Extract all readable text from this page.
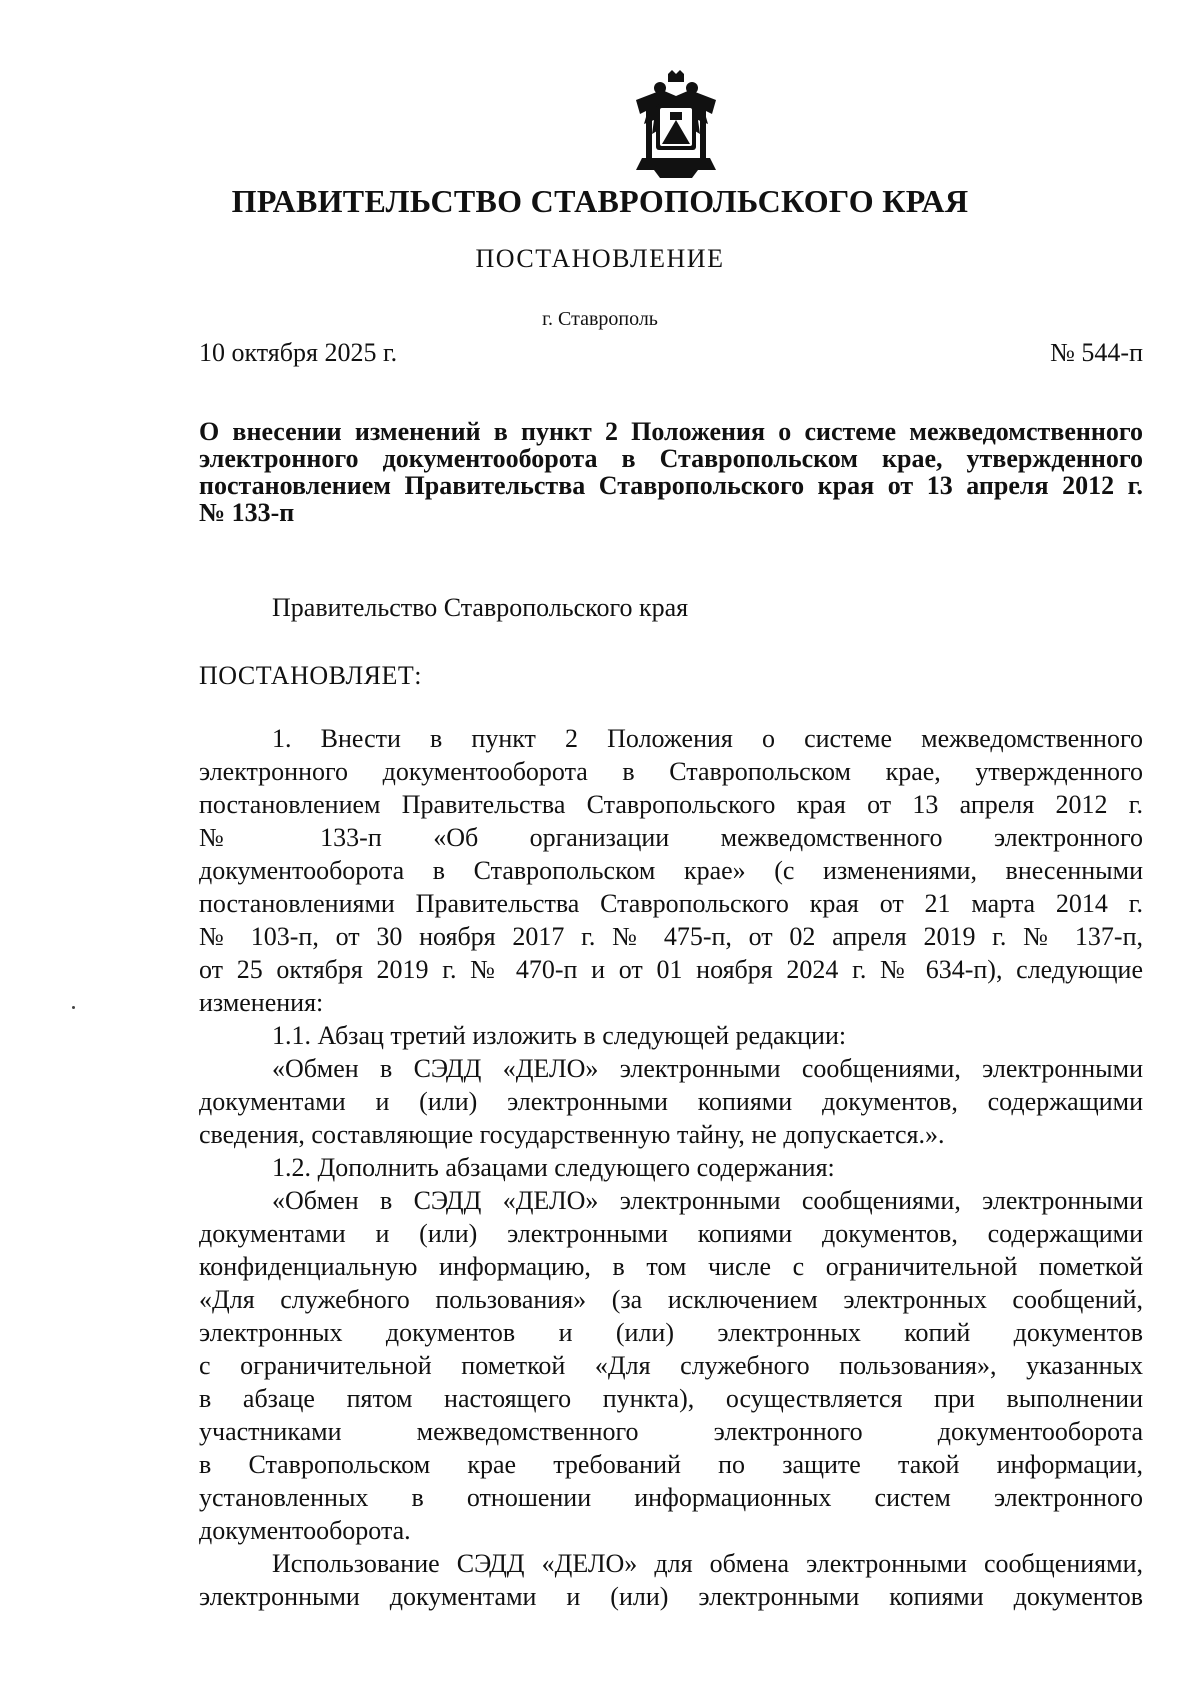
ПРАВИТЕЛЬСТВО СТАВРОПОЛЬСКОГО КРАЯ
ПОСТАНОВЛЕНИЕ
г. Ставрополь
10 октября 2025 г.	№ 544-п
О внесении изменений в пункт 2 Положения о системе межведомственного
электронного документооборота в Ставропольском крае, утвержденного
постановлением Правительства Ставропольского края от 13 апреля 2012 г.
№ 133-п
Правительство Ставропольского края
ПОСТАНОВЛЯЕТ:
1. Внести в пункт 2 Положения о системе межведомственного
электронного документооборота в Ставропольском крае, утвержденного
постановлением Правительства Ставропольского края от 13 апреля 2012 г.
№ 133-п «Об организации межведомственного электронного
документооборота в Ставропольском крае» (с изменениями, внесенными
постановлениями Правительства Ставропольского края от 21 марта 2014 г.
№ 103-п, от 30 ноября 2017 г. № 475-п, от 02 апреля 2019 г. № 137-п,
от 25 октября 2019 г. № 470-п и от 01 ноября 2024 г. № 634-п), следующие
изменения:
1.1. Абзац третий изложить в следующей редакции:
«Обмен в СЭДД «ДЕЛО» электронными сообщениями, электронными
документами и (или) электронными копиями документов, содержащими
сведения, составляющие государственную тайну, не допускается.».
1.2. Дополнить абзацами следующего содержания:
«Обмен в СЭДД «ДЕЛО» электронными сообщениями, электронными
документами и (или) электронными копиями документов, содержащими
конфиденциальную информацию, в том числе с ограничительной пометкой
«Для служебного пользования» (за исключением электронных сообщений,
электронных документов и (или) электронных копий документов
с ограничительной пометкой «Для служебного пользования», указанных
в абзаце пятом настоящего пункта), осуществляется при выполнении
участниками межведомственного электронного документооборота
в Ставропольском крае требований по защите такой информации,
установленных в отношении информационных систем электронного
документооборота.
Использование СЭДД «ДЕЛО» для обмена электронными сообщениями,
электронными документами и (или) электронными копиями документов
